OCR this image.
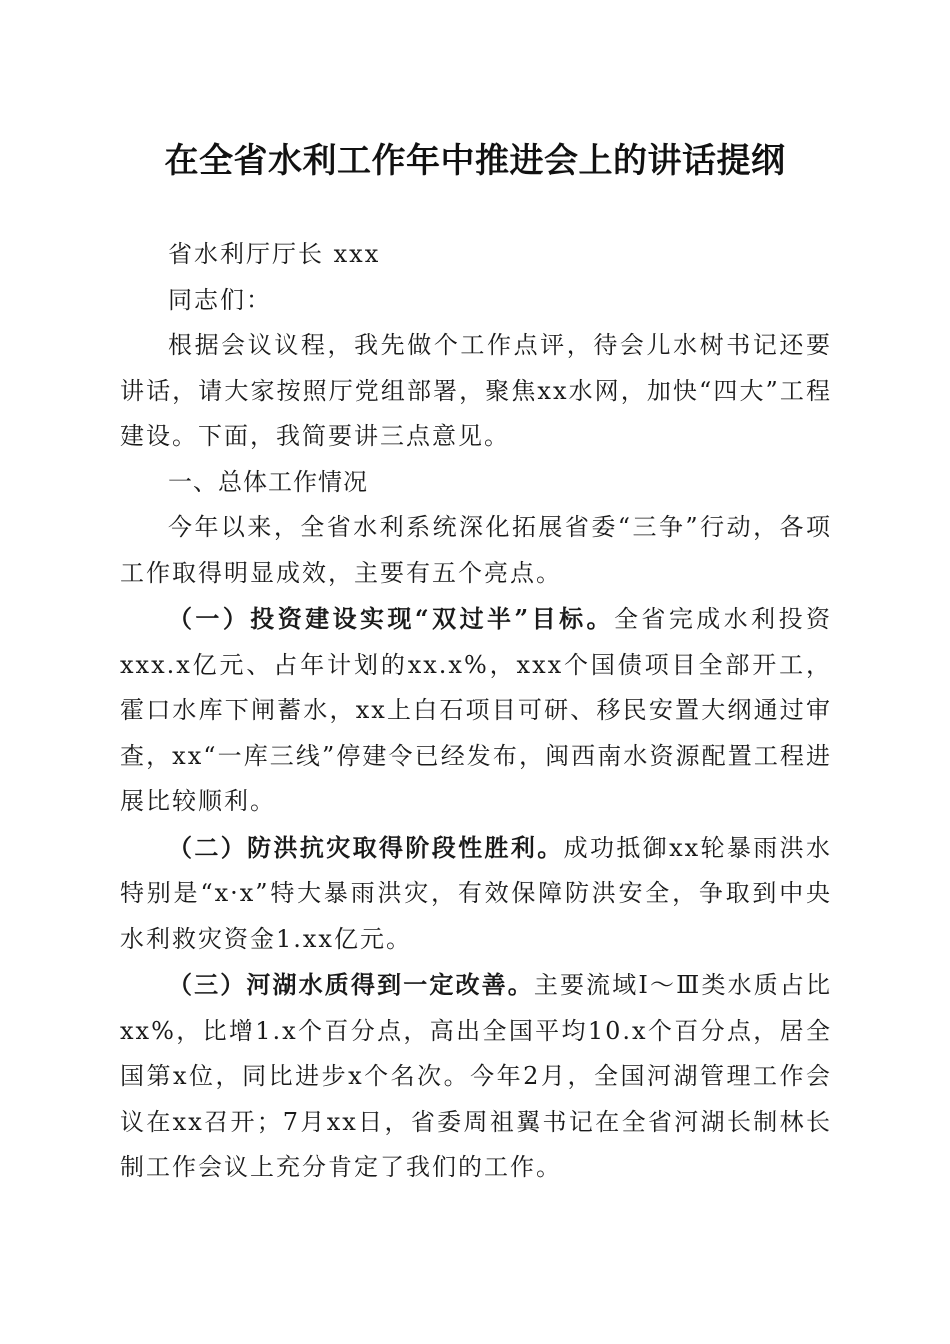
在全省水利工作年中推进会上的讲话提纲

省水利厅厅长 xxx

同志们：

根据会议议程，我先做个工作点评，待会儿水树书记还要讲话，请大家按照厅党组部署，聚焦xx水网，加快“四大”工程建设。下面，我简要讲三点意见。

一、总体工作情况

今年以来，全省水利系统深化拓展省委“三争”行动，各项工作取得明显成效，主要有五个亮点。

（一）投资建设实现“双过半”目标。全省完成水利投资xxx.x亿元、占年计划的xx.x%，xxx个国债项目全部开工，霍口水库下闸蓄水，xx上白石项目可研、移民安置大纲通过审查，xx“一库三线”停建令已经发布，闽西南水资源配置工程进展比较顺利。

（二）防洪抗灾取得阶段性胜利。成功抵御xx轮暴雨洪水特别是“x·x”特大暴雨洪灾，有效保障防洪安全，争取到中央水利救灾资金1.xx亿元。

（三）河湖水质得到一定改善。主要流域Ⅰ～Ⅲ类水质占比xx%，比增1.x个百分点，高出全国平均10.x个百分点，居全国第x位，同比进步x个名次。今年2月，全国河湖管理工作会议在xx召开；7月xx日，省委周祖翼书记在全省河湖长制林长制工作会议上充分肯定了我们的工作。
